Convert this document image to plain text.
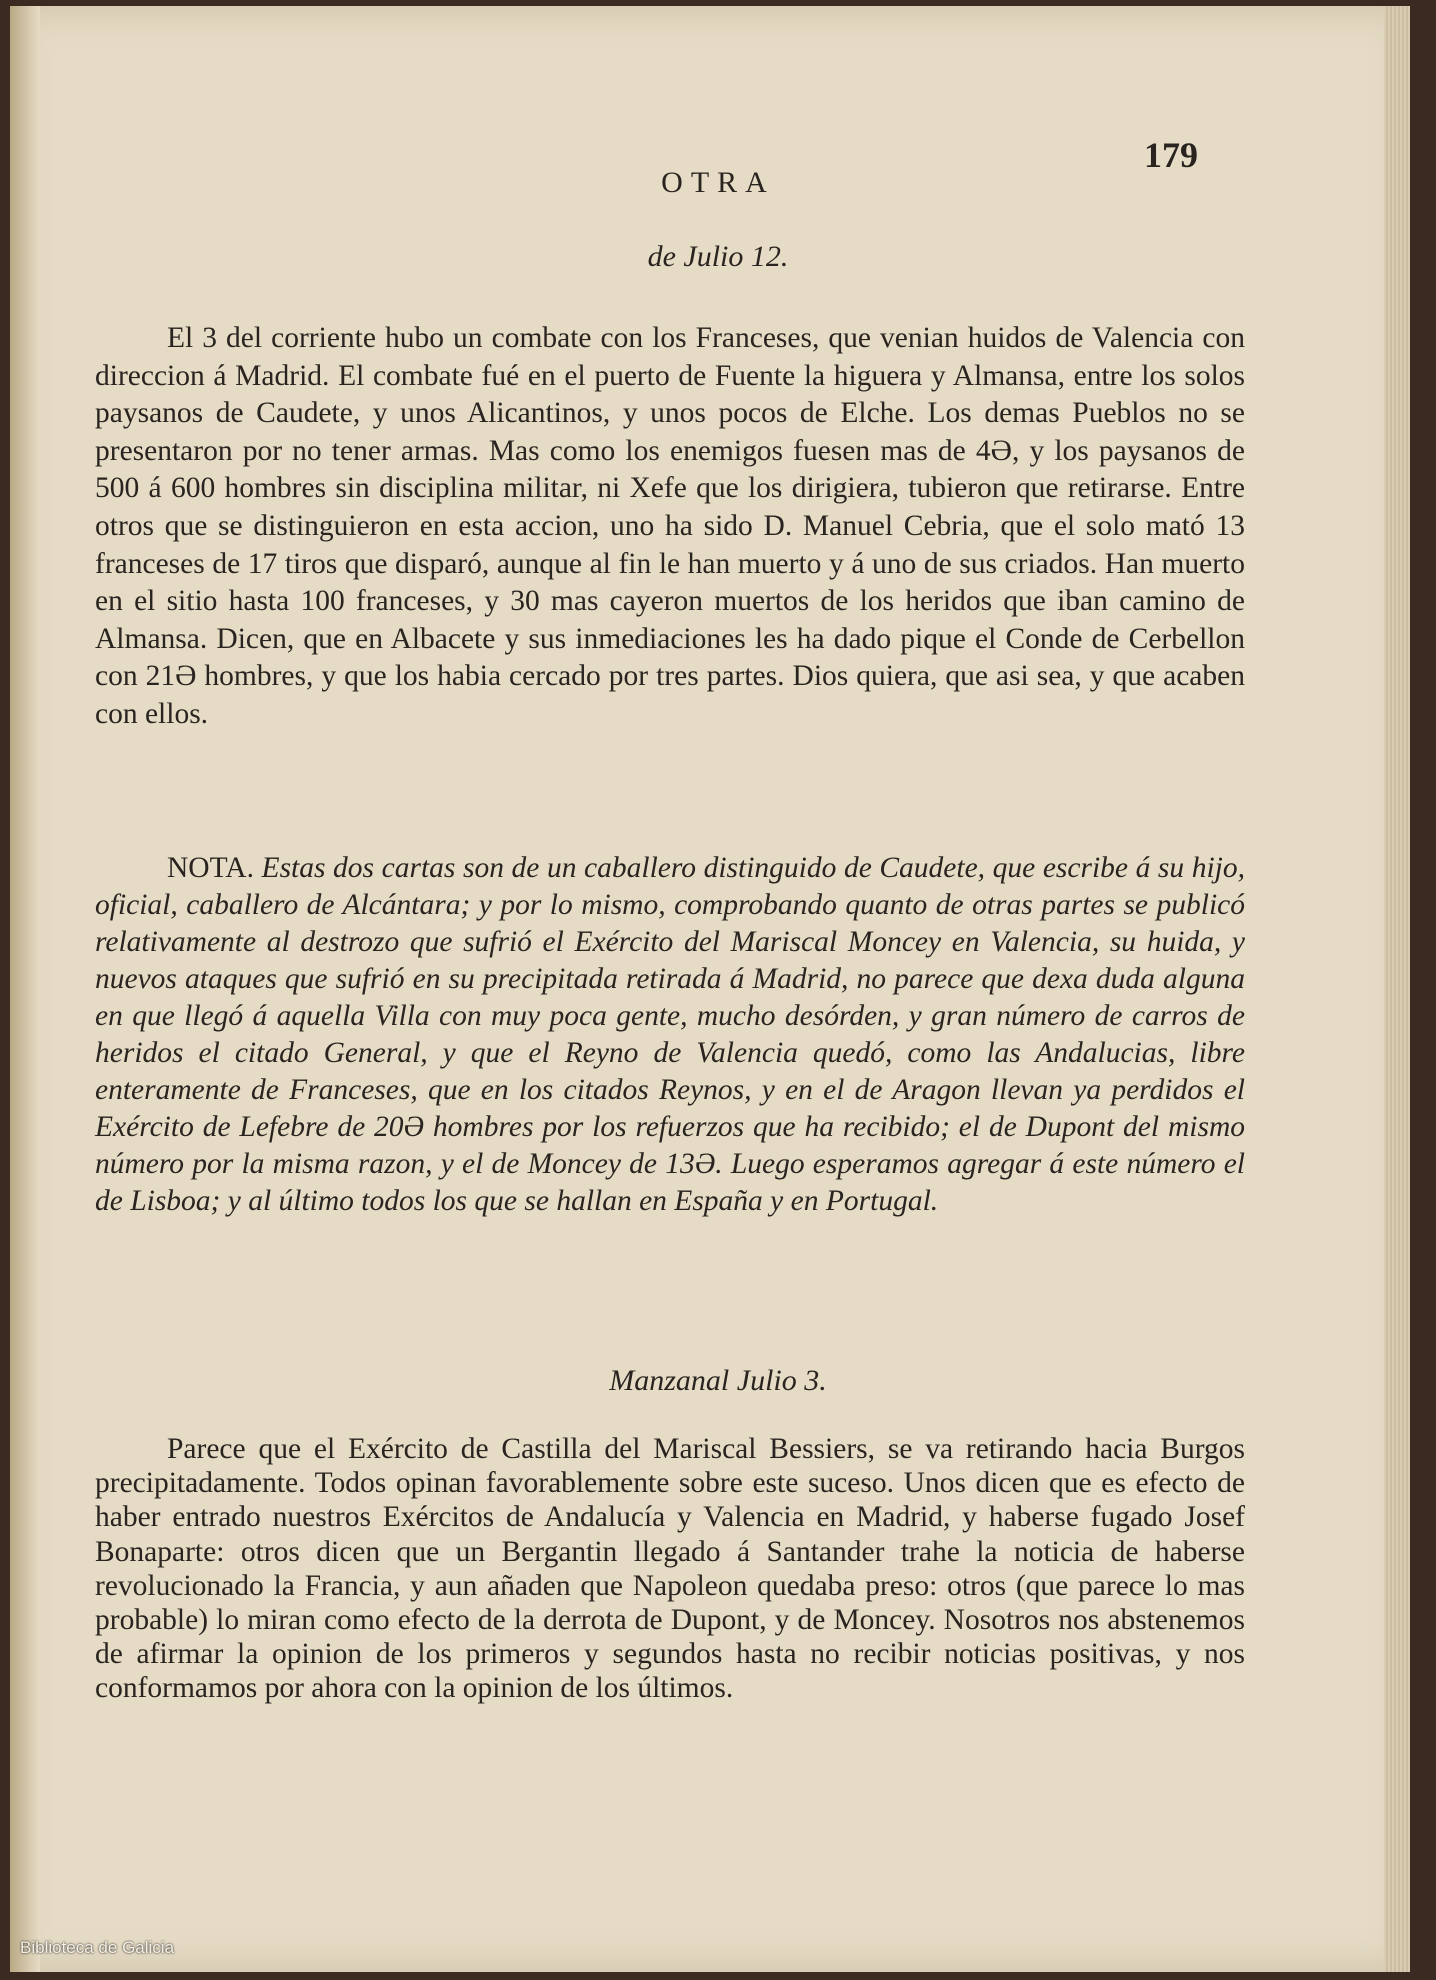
179
OTRA
de Julio 12.
El 3 del corriente hubo un combate con los Franceses, que venian huidos de Valencia con direccion á Madrid. El combate fué en el puerto de Fuente la higuera y Almansa, entre los solos paysanos de Caudete, y unos Alicantinos, y unos pocos de Elche. Los demas Pueblos no se presentaron por no tener armas. Mas como los enemigos fuesen mas de 4Ə, y los paysanos de 500 á 600 hombres sin disciplina militar, ni Xefe que los dirigiera, tubieron que retirarse. Entre otros que se distinguieron en esta accion, uno ha sido D. Manuel Cebria, que el solo mató 13 franceses de 17 tiros que disparó, aunque al fin le han muerto y á uno de sus criados. Han muerto en el sitio hasta 100 franceses, y 30 mas cayeron muertos de los heridos que iban camino de Almansa. Dicen, que en Albacete y sus inmediaciones les ha dado pique el Conde de Cerbellon con 21Ə hombres, y que los habia cercado por tres partes. Dios quiera, que asi sea, y que acaben con ellos.
NOTA. Estas dos cartas son de un caballero distinguido de Caudete, que escribe á su hijo, oficial, caballero de Alcántara; y por lo mismo, comprobando quanto de otras partes se publicó relativamente al destrozo que sufrió el Exército del Mariscal Moncey en Valencia, su huida, y nuevos ataques que sufrió en su precipitada retirada á Madrid, no parece que dexa duda alguna en que llegó á aquella Villa con muy poca gente, mucho desórden, y gran número de carros de heridos el citado General, y que el Reyno de Valencia quedó, como las Andalucias, libre enteramente de Franceses, que en los citados Reynos, y en el de Aragon llevan ya perdidos el Exército de Lefebre de 20Ə hombres por los refuerzos que ha recibido; el de Dupont del mismo número por la misma razon, y el de Moncey de 13Ə. Luego esperamos agregar á este número el de Lisboa; y al último todos los que se hallan en España y en Portugal.
Manzanal Julio 3.
Parece que el Exército de Castilla del Mariscal Bessiers, se va retirando hacia Burgos precipitadamente. Todos opinan favorablemente sobre este suceso. Unos dicen que es efecto de haber entrado nuestros Exércitos de Andalucía y Valencia en Madrid, y haberse fugado Josef Bonaparte: otros dicen que un Bergantin llegado á Santander trahe la noticia de haberse revolucionado la Francia, y aun añaden que Napoleon quedaba preso: otros (que parece lo mas probable) lo miran como efecto de la derrota de Dupont, y de Moncey. Nosotros nos abstenemos de afirmar la opinion de los primeros y segundos hasta no recibir noticias positivas, y nos conformamos por ahora con la opinion de los últimos.
Biblioteca de Galicia
